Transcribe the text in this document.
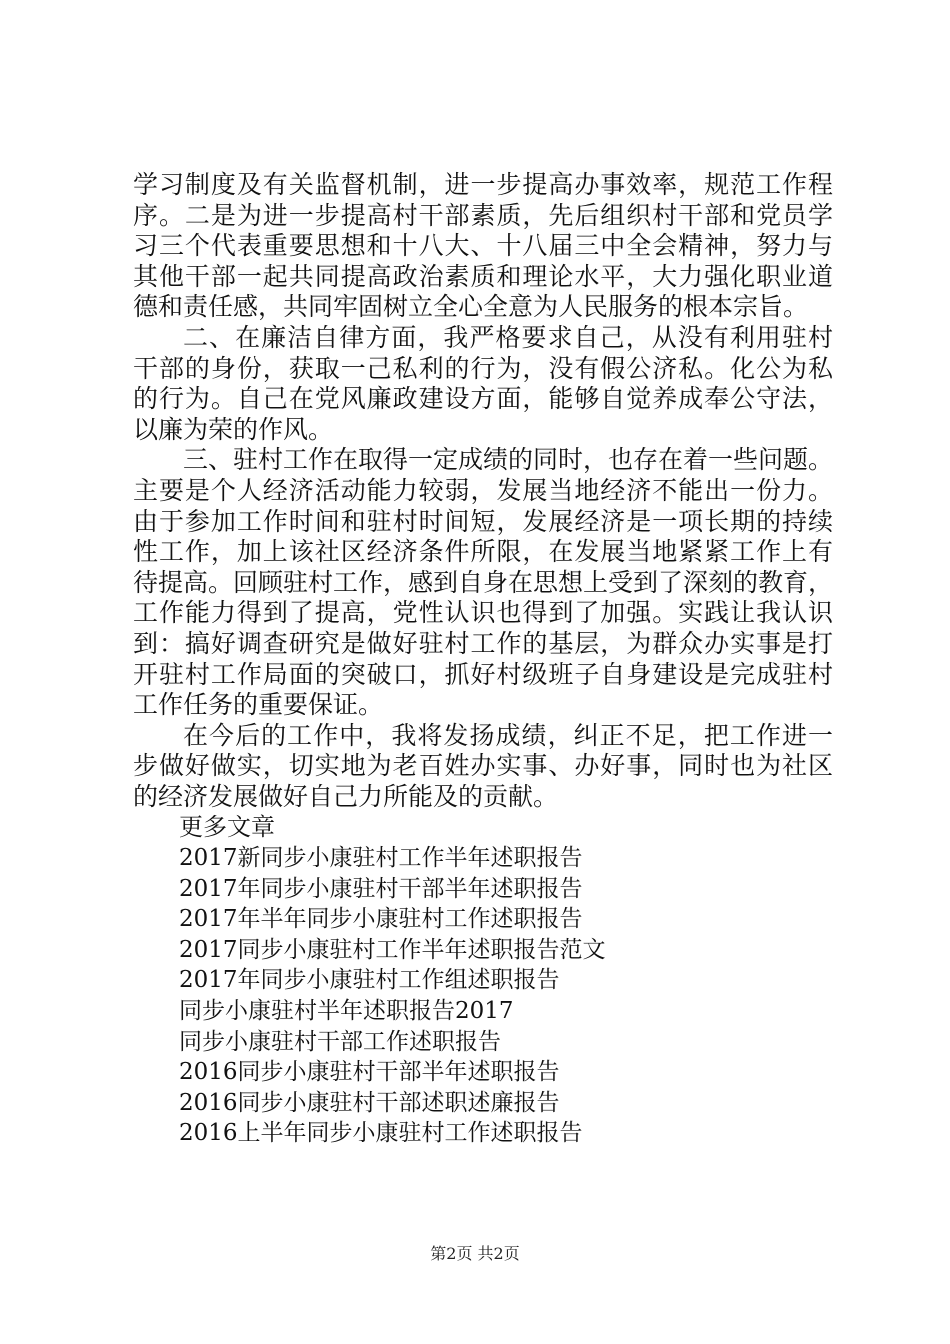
学习制度及有关监督机制，进一步提高办事效率，规范工作程
序。二是为进一步提高村干部素质，先后组织村干部和党员学
习三个代表重要思想和十八大、十八届三中全会精神，努力与
其他干部一起共同提高政治素质和理论水平，大力强化职业道
德和责任感，共同牢固树立全心全意为人民服务的根本宗旨。
二、在廉洁自律方面，我严格要求自己，从没有利用驻村
干部的身份，获取一己私利的行为，没有假公济私。化公为私
的行为。自己在党风廉政建设方面，能够自觉养成奉公守法，
以廉为荣的作风。
三、驻村工作在取得一定成绩的同时，也存在着一些问题。
主要是个人经济活动能力较弱，发展当地经济不能出一份力。
由于参加工作时间和驻村时间短，发展经济是一项长期的持续
性工作，加上该社区经济条件所限，在发展当地紧紧工作上有
待提高。回顾驻村工作，感到自身在思想上受到了深刻的教育，
工作能力得到了提高，党性认识也得到了加强。实践让我认识
到：搞好调查研究是做好驻村工作的基层，为群众办实事是打
开驻村工作局面的突破口，抓好村级班子自身建设是完成驻村
工作任务的重要保证。
在今后的工作中，我将发扬成绩，纠正不足，把工作进一
步做好做实，切实地为老百姓办实事、办好事，同时也为社区
的经济发展做好自己力所能及的贡献。
更多文章
2017新同步小康驻村工作半年述职报告
2017年同步小康驻村干部半年述职报告
2017年半年同步小康驻村工作述职报告
2017同步小康驻村工作半年述职报告范文
2017年同步小康驻村工作组述职报告
同步小康驻村半年述职报告2017
同步小康驻村干部工作述职报告
2016同步小康驻村干部半年述职报告
2016同步小康驻村干部述职述廉报告
2016上半年同步小康驻村工作述职报告
第2页 共2页
